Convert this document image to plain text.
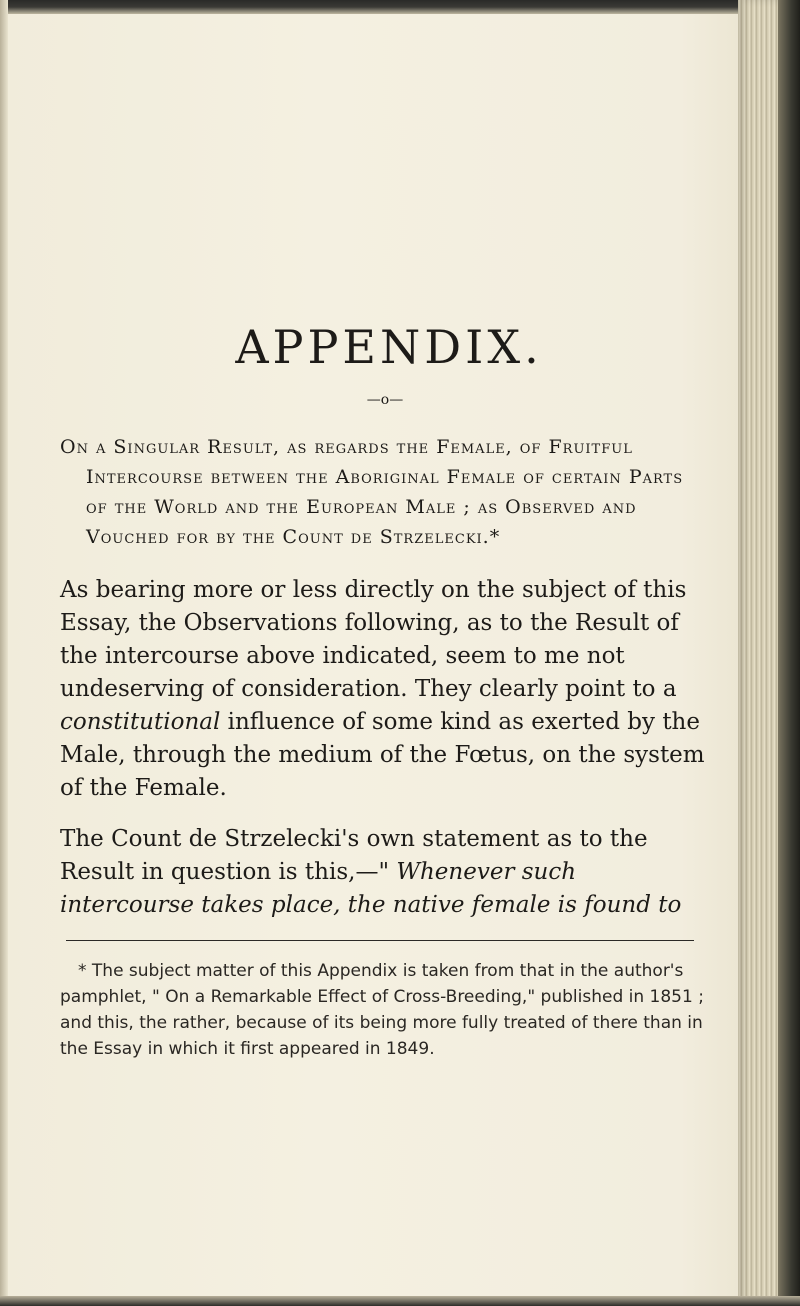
APPENDIX.
—o—

On a Singular Result, as regards the Female, of Fruitful Intercourse between the Aboriginal Female of certain Parts of the World and the European Male ; as Observed and Vouched for by the Count de Strzelecki.*

As bearing more or less directly on the subject of this Essay, the Observations following, as to the Result of the intercourse above indicated, seem to me not undeserving of consideration. They clearly point to a constitutional influence of some kind as exerted by the Male, through the medium of the Fœtus, on the system of the Female.

The Count de Strzelecki's own statement as to the Result in question is this,—" Whenever such intercourse takes place, the native female is found to

* The subject matter of this Appendix is taken from that in the author's pamphlet, " On a Remarkable Effect of Cross-Breeding," published in 1851 ; and this, the rather, because of its being more fully treated of there than in the Essay in which it first appeared in 1849.
